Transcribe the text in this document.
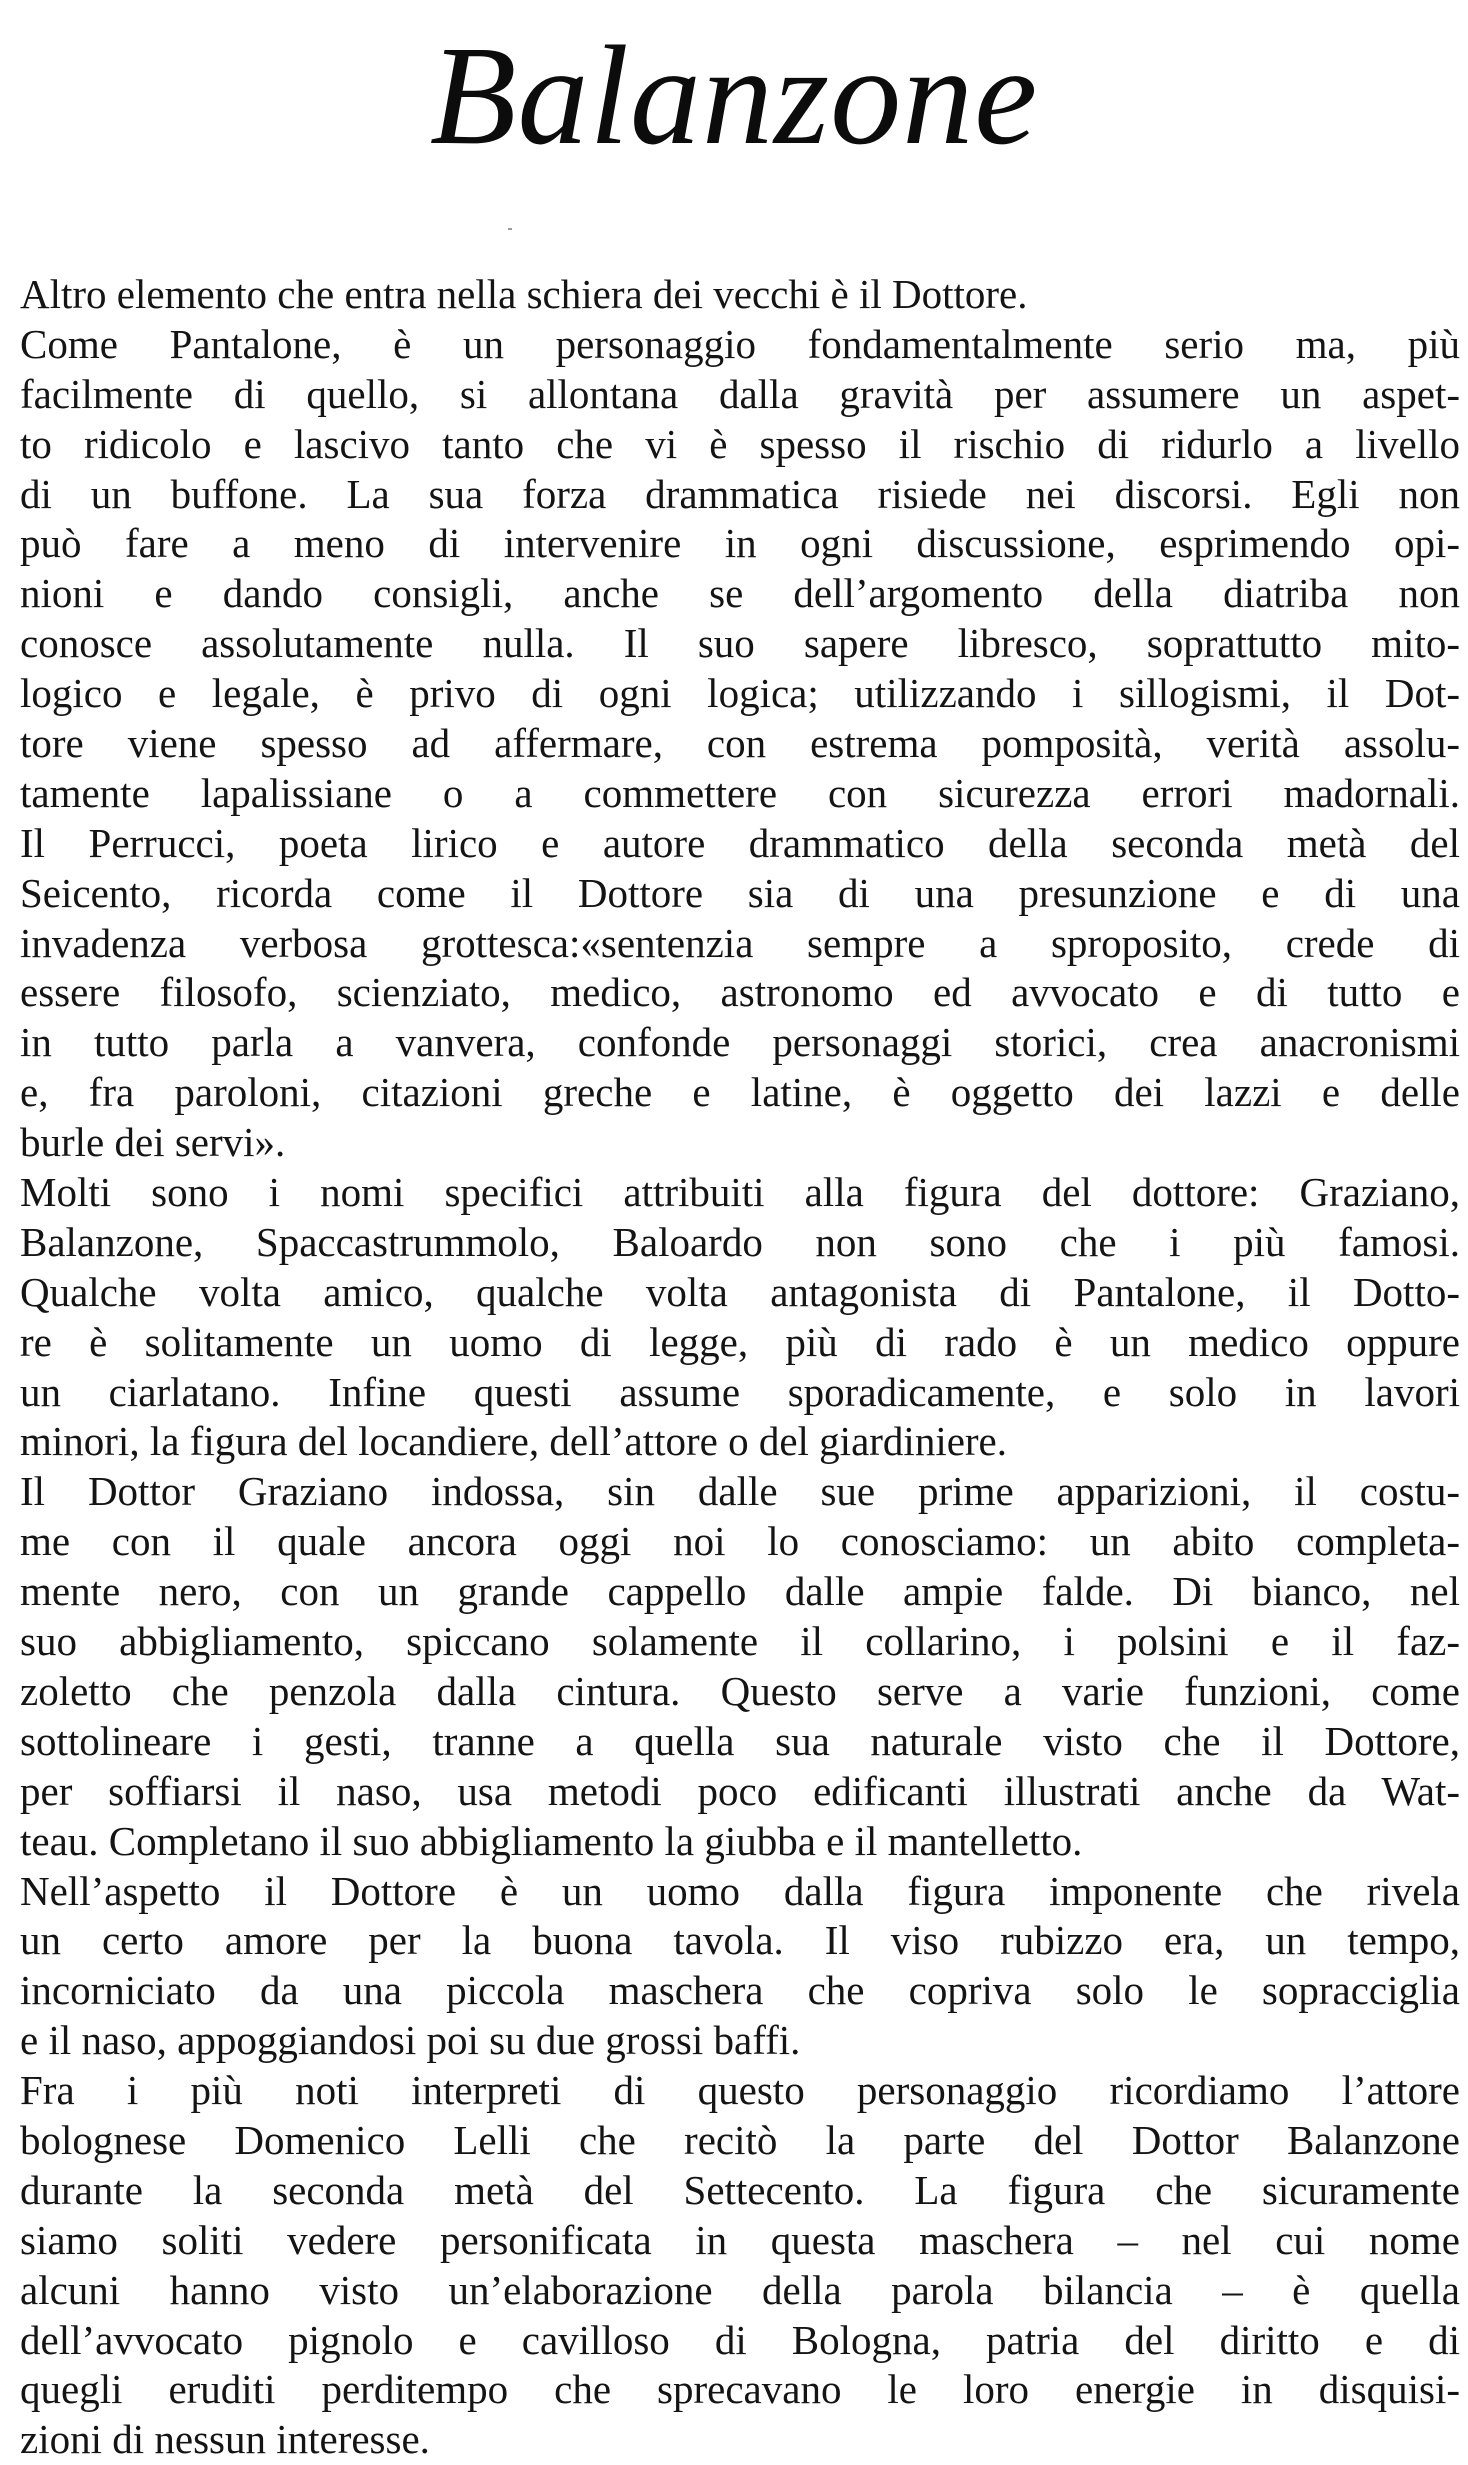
Balanzone
Altro elemento che entra nella schiera dei vecchi è il Dottore.
Come Pantalone, è un personaggio fondamentalmente serio ma, più
facilmente di quello, si allontana dalla gravità per assumere un aspet-
to ridicolo e lascivo tanto che vi è spesso il rischio di ridurlo a livello
di un buffone. La sua forza drammatica risiede nei discorsi. Egli non
può fare a meno di intervenire in ogni discussione, esprimendo opi-
nioni e dando consigli, anche se dell’argomento della diatriba non
conosce assolutamente nulla. Il suo sapere libresco, soprattutto mito-
logico e legale, è privo di ogni logica; utilizzando i sillogismi, il Dot-
tore viene spesso ad affermare, con estrema pomposità, verità assolu-
tamente lapalissiane o a commettere con sicurezza errori madornali.
Il Perrucci, poeta lirico e autore drammatico della seconda metà del
Seicento, ricorda come il Dottore sia di una presunzione e di una
invadenza verbosa grottesca:«sentenzia sempre a sproposito, crede di
essere filosofo, scienziato, medico, astronomo ed avvocato e di tutto e
in tutto parla a vanvera, confonde personaggi storici, crea anacronismi
e, fra paroloni, citazioni greche e latine, è oggetto dei lazzi e delle
burle dei servi».
Molti sono i nomi specifici attribuiti alla figura del dottore: Graziano,
Balanzone, Spaccastrummolo, Baloardo non sono che i più famosi.
Qualche volta amico, qualche volta antagonista di Pantalone, il Dotto-
re è solitamente un uomo di legge, più di rado è un medico oppure
un ciarlatano. Infine questi assume sporadicamente, e solo in lavori
minori, la figura del locandiere, dell’attore o del giardiniere.
Il Dottor Graziano indossa, sin dalle sue prime apparizioni, il costu-
me con il quale ancora oggi noi lo conosciamo: un abito completa-
mente nero, con un grande cappello dalle ampie falde. Di bianco, nel
suo abbigliamento, spiccano solamente il collarino, i polsini e il faz-
zoletto che penzola dalla cintura. Questo serve a varie funzioni, come
sottolineare i gesti, tranne a quella sua naturale visto che il Dottore,
per soffiarsi il naso, usa metodi poco edificanti illustrati anche da Wat-
teau. Completano il suo abbigliamento la giubba e il mantelletto.
Nell’aspetto il Dottore è un uomo dalla figura imponente che rivela
un certo amore per la buona tavola. Il viso rubizzo era, un tempo,
incorniciato da una piccola maschera che copriva solo le sopracciglia
e il naso, appoggiandosi poi su due grossi baffi.
Fra i più noti interpreti di questo personaggio ricordiamo l’attore
bolognese Domenico Lelli che recitò la parte del Dottor Balanzone
durante la seconda metà del Settecento. La figura che sicuramente
siamo soliti vedere personificata in questa maschera – nel cui nome
alcuni hanno visto un’elaborazione della parola bilancia – è quella
dell’avvocato pignolo e cavilloso di Bologna, patria del diritto e di
quegli eruditi perditempo che sprecavano le loro energie in disquisi-
zioni di nessun interesse.
